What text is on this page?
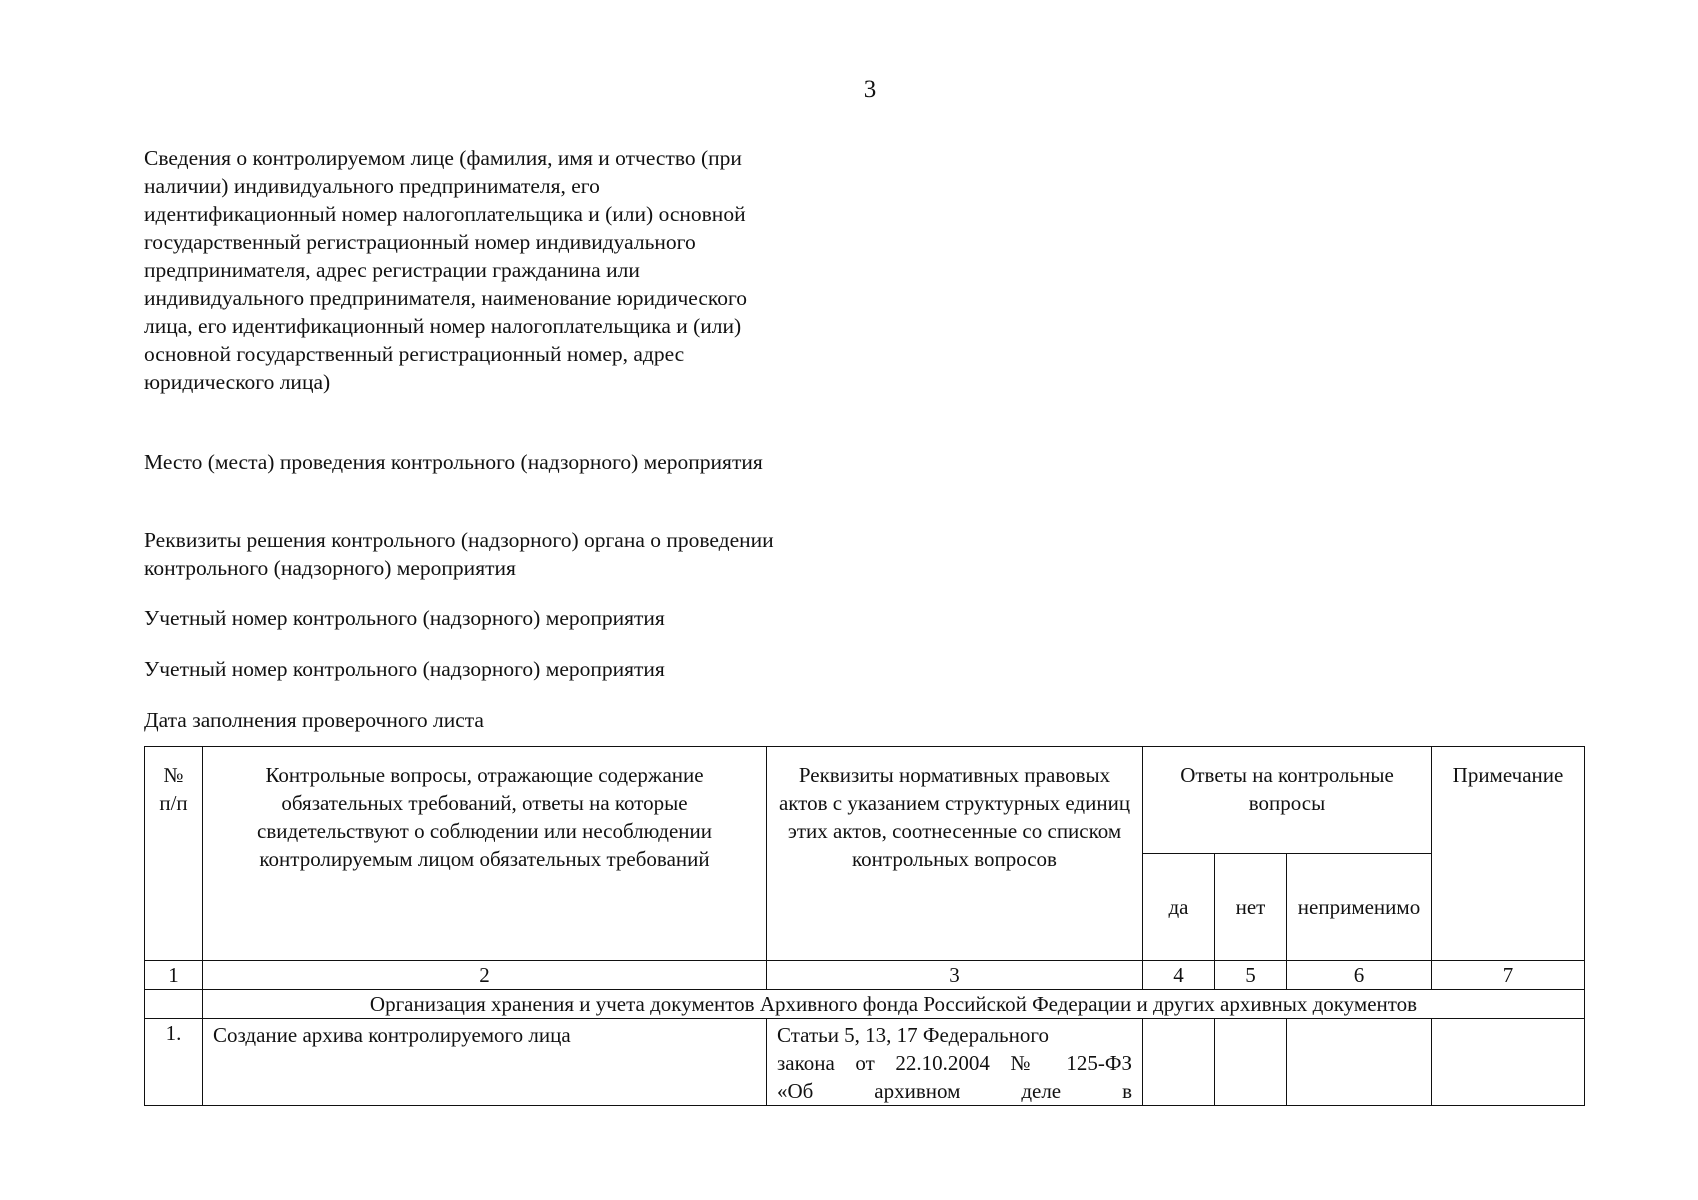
3
Сведения о контролируемом лице (фамилия, имя и отчество (при наличии) индивидуального предпринимателя, его идентификационный номер налогоплательщика и (или) основной государственный регистрационный номер индивидуального предпринимателя, адрес регистрации гражданина или индивидуального предпринимателя, наименование юридического лица, его идентификационный номер налогоплательщика и (или) основной государственный регистрационный номер, адрес юридического лица)
Место (места) проведения контрольного (надзорного) мероприятия
Реквизиты решения контрольного (надзорного) органа о проведении контрольного (надзорного) мероприятия
Учетный номер контрольного (надзорного) мероприятия
Учетный номер контрольного (надзорного) мероприятия
Дата заполнения проверочного листа
№ п/п	Контрольные вопросы, отражающие содержание обязательных требований, ответы на которые свидетельствуют о соблюдении или несоблюдении контролируемым лицом обязательных требований	Реквизиты нормативных правовых актов с указанием структурных единиц этих актов, соотнесенные со списком контрольных вопросов	Ответы на контрольные вопросы			Примечание
			да	нет	неприменимо	
1	2	3	4	5	6	7
	Организация хранения и учета документов Архивного фонда Российской Федерации и других архивных документов					
1.	Создание архива контролируемого лица	Статьи 5, 13, 17 Федерального
закона от 22.10.2004 № 125-ФЗ
«Об архивном деле в				
